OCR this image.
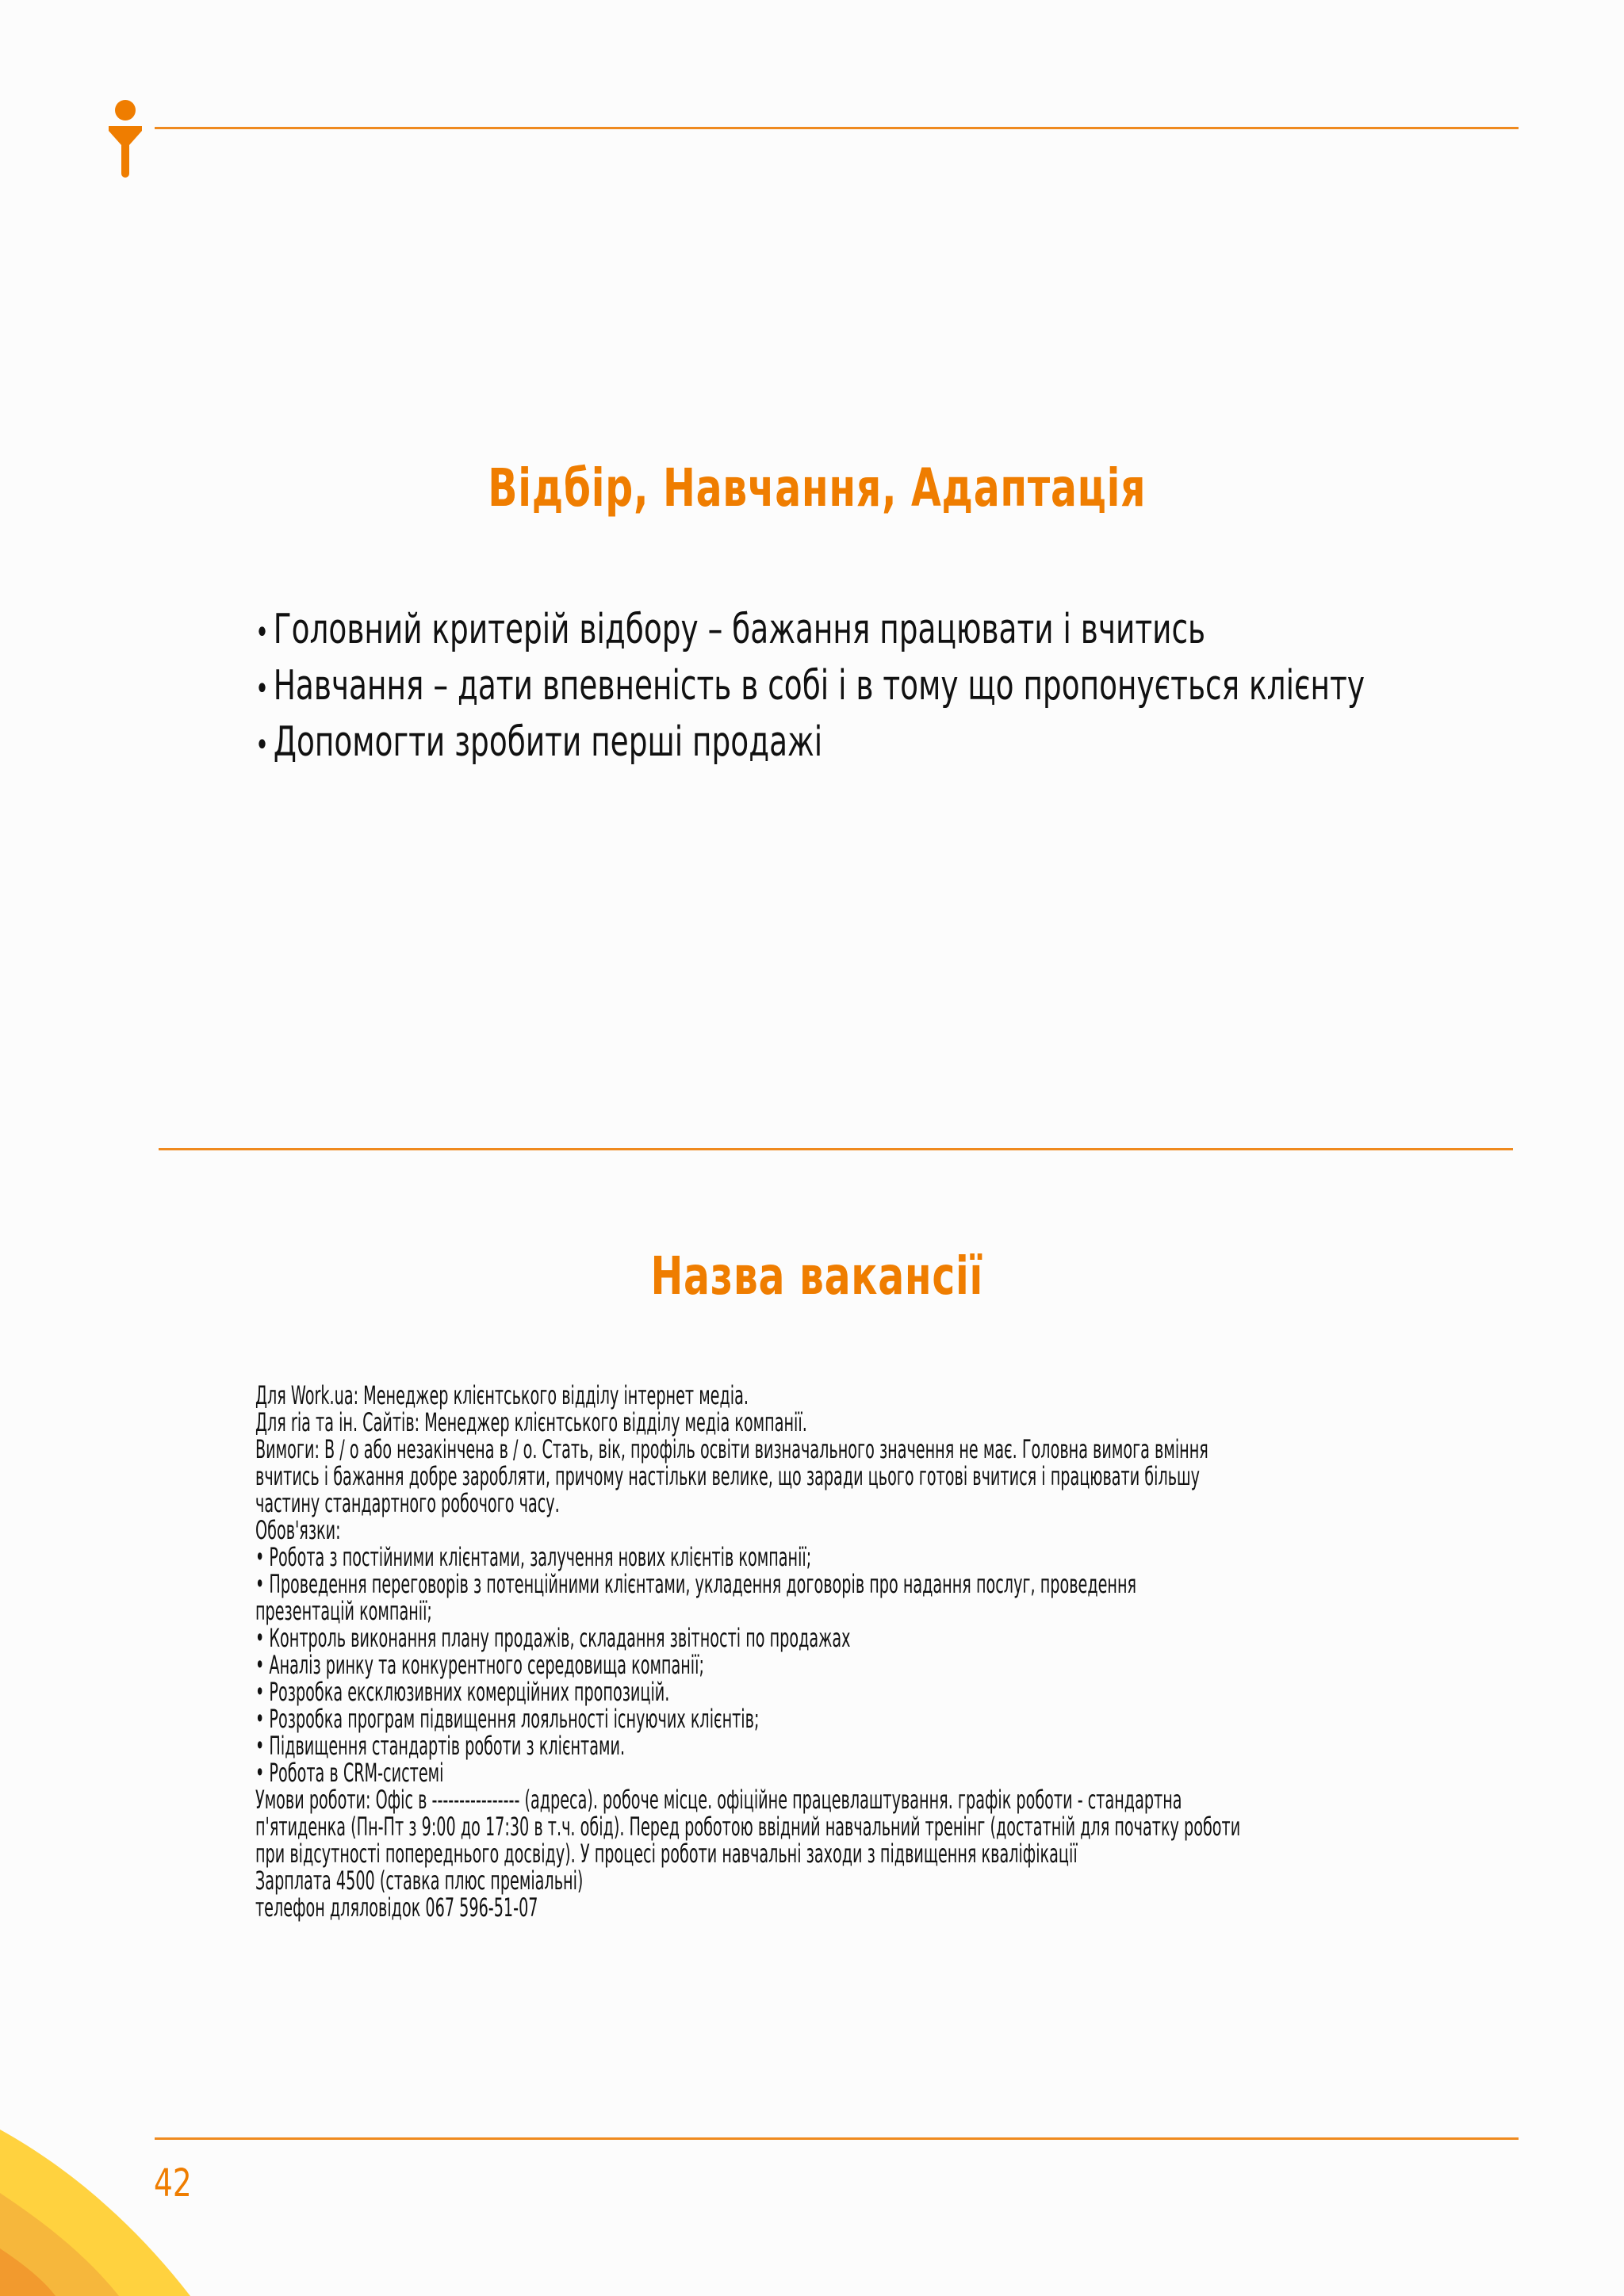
Відбір, Навчання, Адаптація
• Головний критерій відбору – бажання працювати і вчитись
• Навчання – дати впевненість в собі і в тому що пропонується клієнту
• Допомогти зробити перші продажі
Назва вакансії
Для Work.ua: Менеджер клієнтського відділу інтернет медіа.
Для ria та ін. Сайтів: Менеджер клієнтського відділу медіа компанії.
Вимоги: В / о або незакінчена в / о. Стать, вік, профіль освіти визначального значення не має. Головна вимога вміння
вчитись і бажання добре заробляти, причому настільки велике, що заради цього готові вчитися і працювати більшу
частину стандартного робочого часу.
Обов'язки:
• Робота з постійними клієнтами, залучення нових клієнтів компанії;
• Проведення переговорів з потенційними клієнтами, укладення договорів про надання послуг, проведення
презентацій компанії;
• Контроль виконання плану продажів, складання звітності по продажах
• Аналіз ринку та конкурентного середовища компанії;
• Розробка ексклюзивних комерційних пропозицій.
• Розробка програм підвищення лояльності існуючих клієнтів;
• Підвищення стандартів роботи з клієнтами.
• Робота в CRM-системі
Умови роботи: Офіс в ---------------- (адреса). робоче місце. офіційне працевлаштування. графік роботи - стандартна
п'ятиденка (Пн-Пт з 9:00 до 17:30 в т.ч. обід). Перед роботою ввідний навчальний тренінг (достатній для початку роботи
при відсутності попереднього досвіду). У процесі роботи навчальні заходи з підвищення кваліфікації
Зарплата 4500 (ставка плюс преміальні)
телефон дляловідок 067 596-51-07
42
